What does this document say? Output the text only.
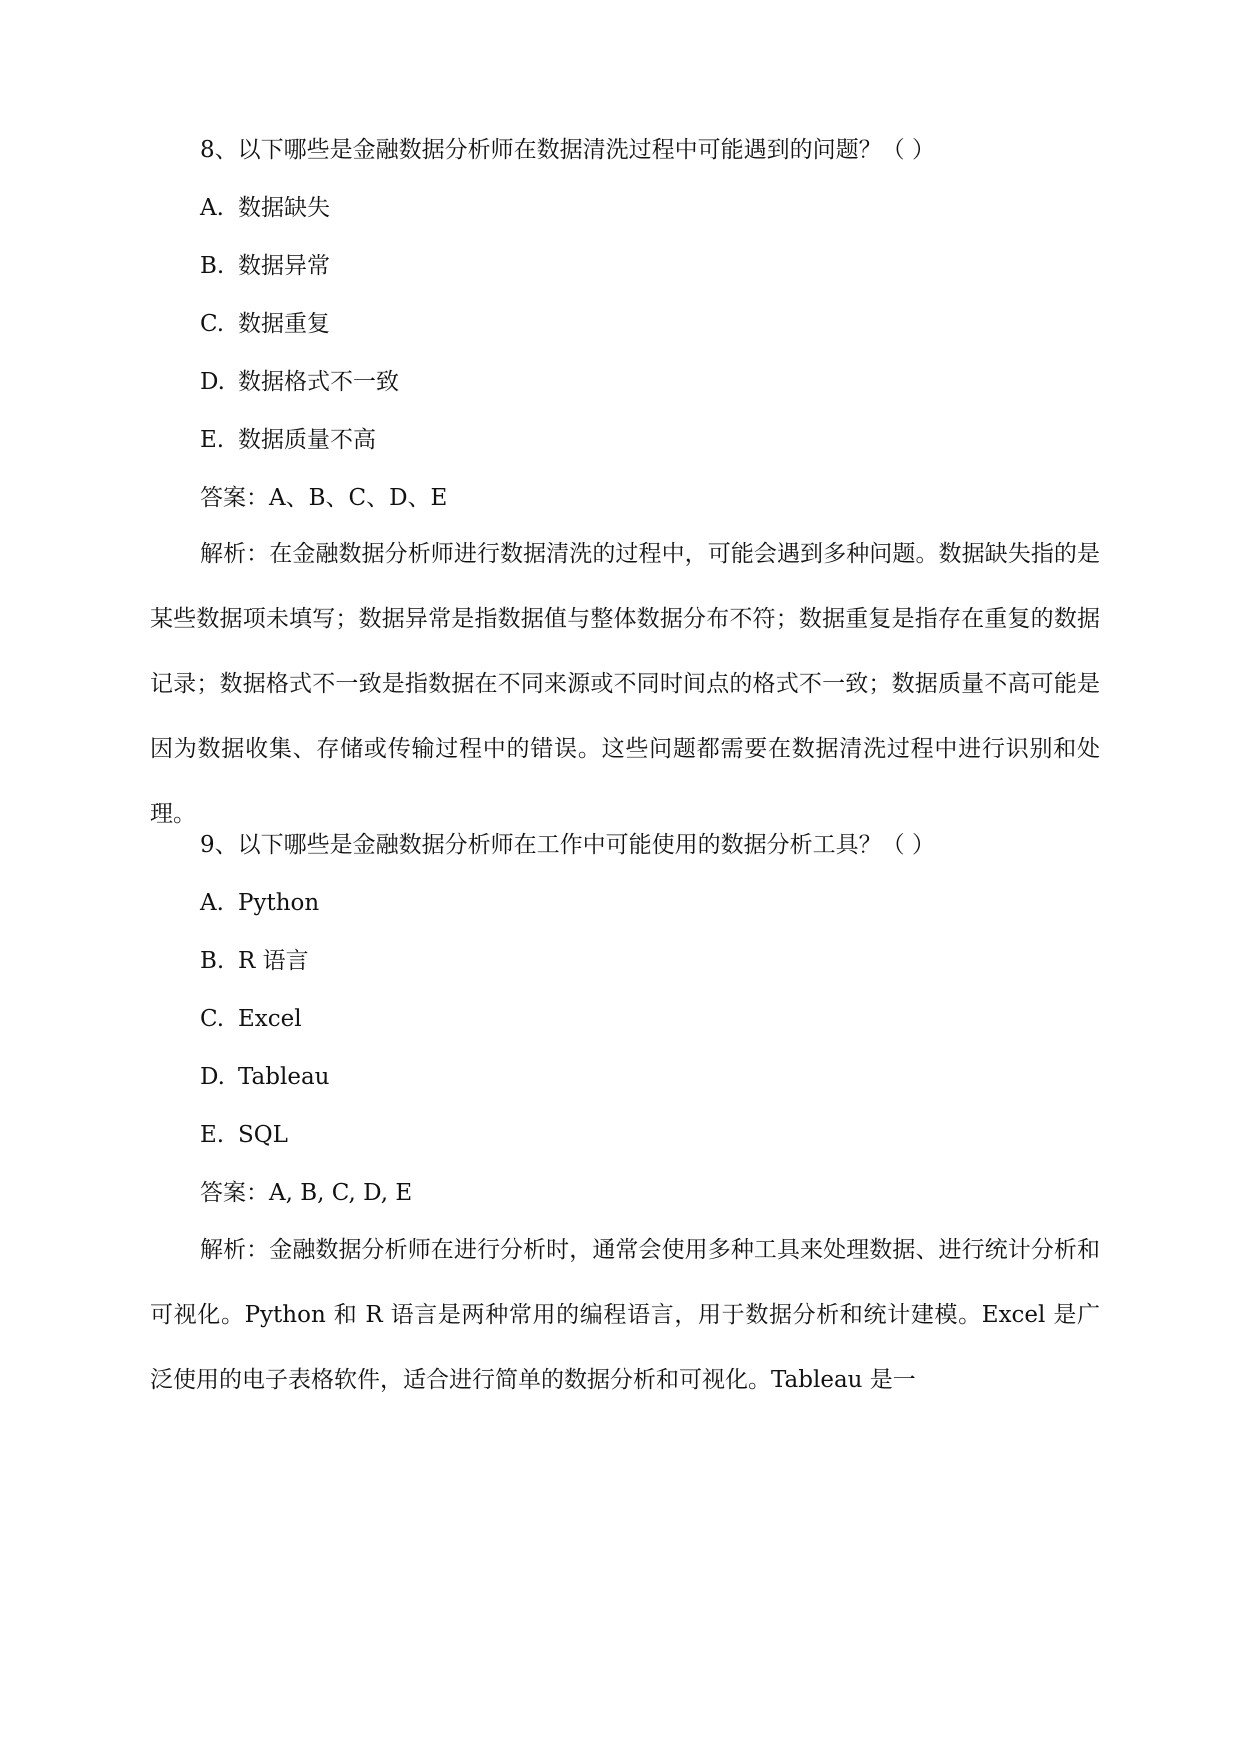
8、以下哪些是金融数据分析师在数据清洗过程中可能遇到的问题？（ ）
A. 数据缺失
B. 数据异常
C. 数据重复
D. 数据格式不一致
E. 数据质量不高
答案：A、B、C、D、E
解析：在金融数据分析师进行数据清洗的过程中，可能会遇到多种问题。数据缺失指的是某些数据项未填写；数据异常是指数据值与整体数据分布不符；数据重复是指存在重复的数据记录；数据格式不一致是指数据在不同来源或不同时间点的格式不一致；数据质量不高可能是因为数据收集、存储或传输过程中的错误。这些问题都需要在数据清洗过程中进行识别和处理。
9、以下哪些是金融数据分析师在工作中可能使用的数据分析工具？（ ）
A. Python
B. R 语言
C. Excel
D. Tableau
E. SQL
答案：A, B, C, D, E
解析：金融数据分析师在进行分析时，通常会使用多种工具来处理数据、进行统计分析和可视化。Python 和 R 语言是两种常用的编程语言，用于数据分析和统计建模。Excel 是广泛使用的电子表格软件，适合进行简单的数据分析和可视化。Tableau 是一
